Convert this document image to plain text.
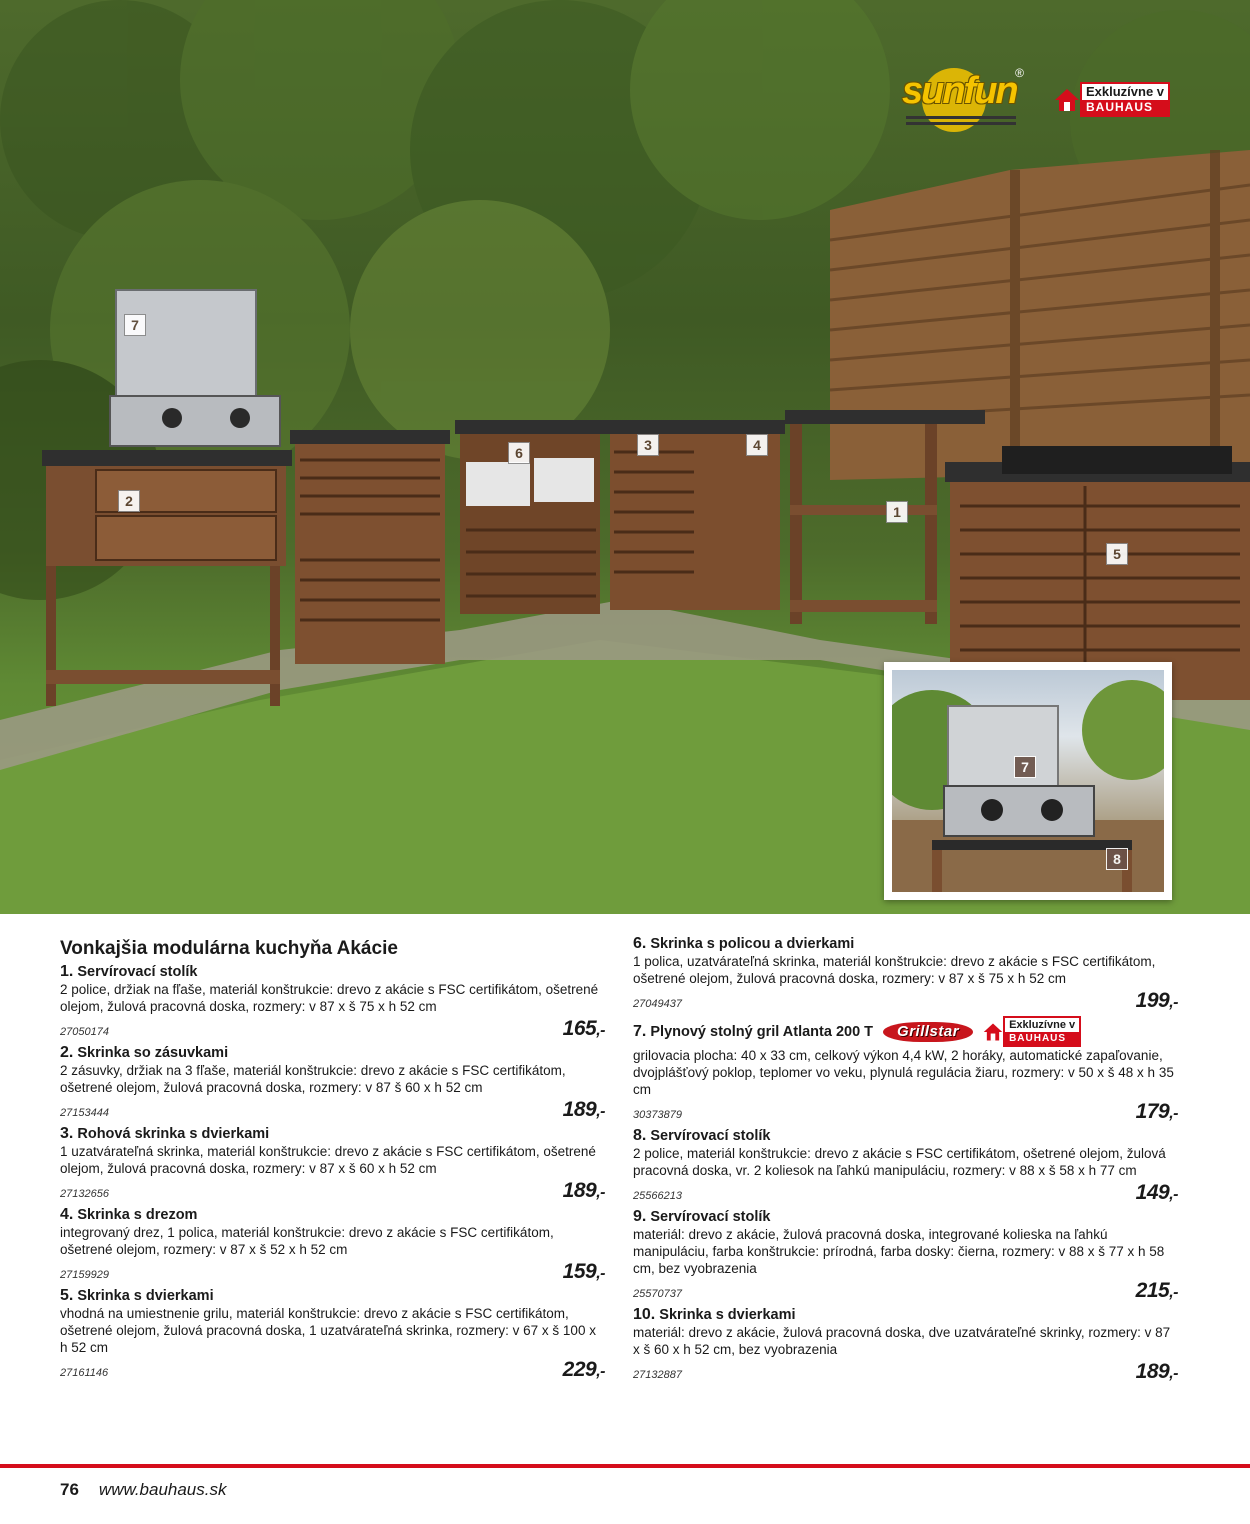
sunfun
®
Exkluzívne v
BAUHAUS
7
2
6	3	4
1
5
7
8
Vonkajšia modulárna kuchyňa Akácie
1. Servírovací stolík
2 police, držiak na fľaše, materiál konštrukcie: drevo z akácie s FSC certifikátom, ošetrené olejom, žulová pracovná doska, rozmery: v 87 x š 75 x h 52 cm
27050174	165,-
2. Skrinka so zásuvkami
2 zásuvky, držiak na 3 fľaše, materiál konštrukcie: drevo z akácie s FSC certifikátom, ošetrené olejom, žulová pracovná doska, rozmery: v 87 š 60 x h 52 cm
27153444	189,-
3. Rohová skrinka s dvierkami
1 uzatvárateľná skrinka, materiál konštrukcie: drevo z akácie s FSC certifikátom, ošetrené olejom, žulová pracovná doska, rozmery: v 87 x š 60 x h 52 cm
27132656	189,-
4. Skrinka s drezom
integrovaný drez, 1 polica, materiál konštrukcie: drevo z akácie s FSC certifikátom, ošetrené olejom, rozmery: v 87 x š 52 x h 52 cm
27159929	159,-
5. Skrinka s dvierkami
vhodná na umiestnenie grilu, materiál konštrukcie: drevo z akácie s FSC certifikátom, ošetrené olejom, žulová pracovná doska, 1 uzatvárateľná skrinka, rozmery: v 67 x š 100 x h 52 cm
27161146	229,-
6. Skrinka s policou a dvierkami
1 polica, uzatvárateľná skrinka, materiál konštrukcie: drevo z akácie s FSC certifikátom, ošetrené olejom, žulová pracovná doska, rozmery: v 87 x š 75 x h 52 cm
27049437	199,-
7. Plynový stolný gril Atlanta 200 T	Grillstar	Exkluzívne v
BAUHAUS
grilovacia plocha: 40 x 33 cm, celkový výkon 4,4 kW, 2 horáky, automatické zapaľovanie, dvojplášťový poklop, teplomer vo veku, plynulá regulácia žiaru, rozmery: v 50 x š 48 x h 35 cm
30373879	179,-
8. Servírovací stolík
2 police, materiál konštrukcie: drevo z akácie s FSC certifikátom, ošetrené olejom, žulová pracovná doska, vr. 2 koliesok na ľahkú manipuláciu, rozmery: v 88 x š 58 x h 77 cm
25566213	149,-
9. Servírovací stolík
materiál: drevo z akácie, žulová pracovná doska, integrované kolieska na ľahkú manipuláciu, farba konštrukcie: prírodná, farba dosky: čierna, rozmery: v 88 x š 77 x h 58 cm, bez vyobrazenia
25570737	215,-
10. Skrinka s dvierkami
materiál: drevo z akácie, žulová pracovná doska, dve uzatvárateľné skrinky, rozmery: v 87 x š 60 x h 52 cm, bez vyobrazenia
27132887	189,-
76 www.bauhaus.sk
